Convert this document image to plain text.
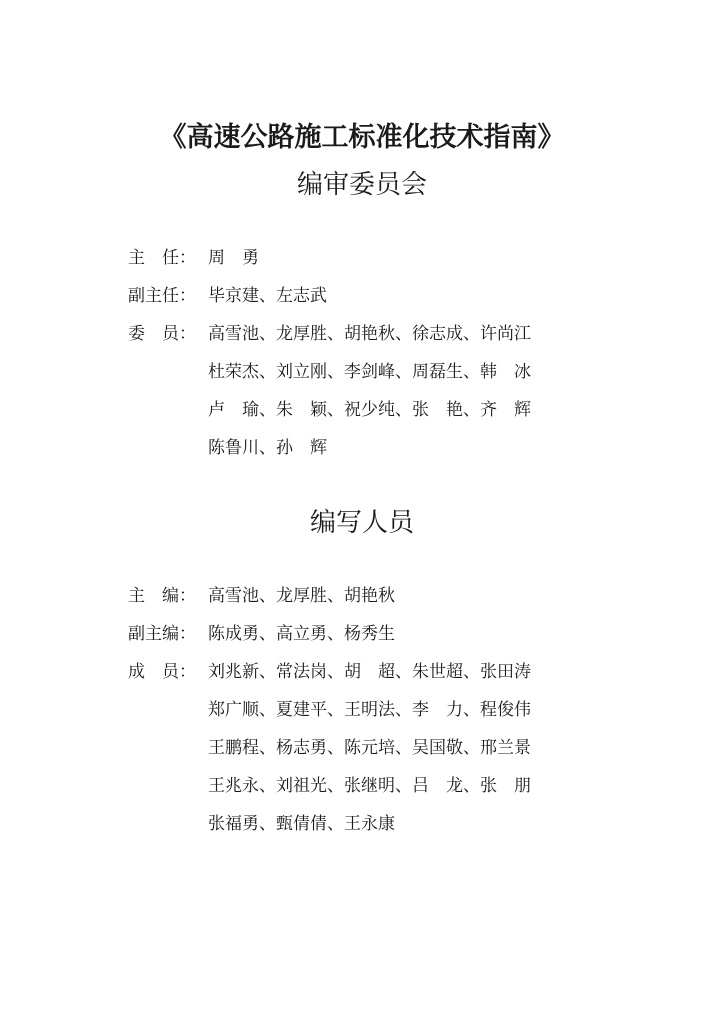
《高速公路施工标准化技术指南》
编审委员会
主　任： 周　勇
副主任： 毕京建、左志武
委　员： 高雪池、龙厚胜、胡艳秋、徐志成、许尚江
杜荣杰、刘立刚、李剑峰、周磊生、韩　冰
卢　瑜、朱　颖、祝少纯、张　艳、齐　辉
陈鲁川、孙　辉
编写人员
主　编： 高雪池、龙厚胜、胡艳秋
副主编： 陈成勇、高立勇、杨秀生
成　员： 刘兆新、常法岗、胡　超、朱世超、张田涛
郑广顺、夏建平、王明法、李　力、程俊伟
王鹏程、杨志勇、陈元培、吴国敬、邢兰景
王兆永、刘祖光、张继明、吕　龙、张　朋
张福勇、甄倩倩、王永康
